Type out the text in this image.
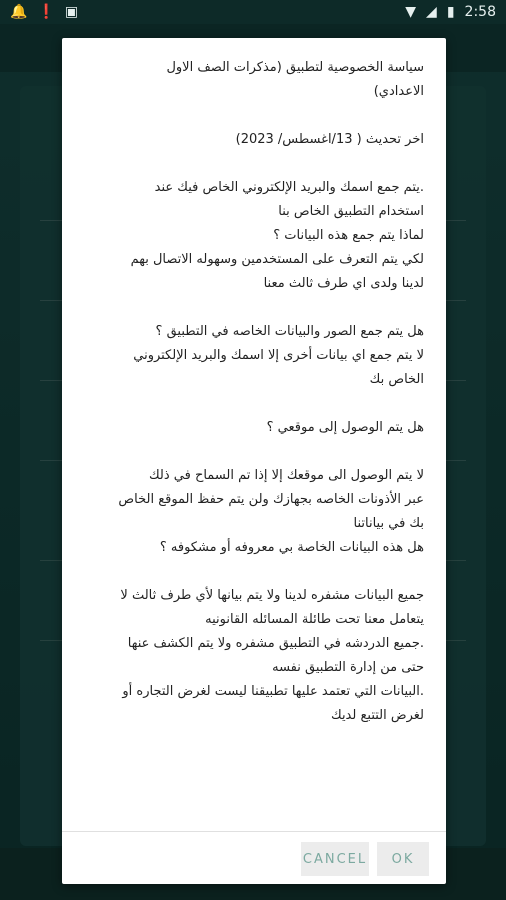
🔔 ❗ ▣	▼ ◢ ▮ 2:58

سياسة الخصوصية لتطبيق (مذكرات الصف الاول

الاعدادي)

اخر تحديث ( 13/اغسطس/ 2023)

.يتم جمع اسمك والبريد الإلكتروني الخاص فيك عند

استخدام التطبيق الخاص بنا

لماذا يتم جمع هذه البيانات ؟

لكي يتم التعرف على المستخدمين وسهوله الاتصال بهم

لدينا ولدى اي طرف ثالث معنا

هل يتم جمع الصور والبيانات الخاصه في التطبيق ؟

لا يتم جمع اي بيانات أخرى إلا اسمك والبريد الإلكتروني

الخاص بك

هل يتم الوصول إلى موقعي ؟

لا يتم الوصول الى موقعك إلا إذا تم السماح في ذلك

عبر الأذونات الخاصه بجهازك ولن يتم حفظ الموقع الخاص

بك في بياناتنا

هل هذه البيانات الخاصة بي معروفه أو مشكوفه ؟

جميع البيانات مشفره لدينا ولا يتم بيانها لأي طرف ثالث لا

يتعامل معنا تحت طائلة المسائله القانونيه

.جميع الدردشه في التطبيق مشفره ولا يتم الكشف عنها

حتى من إدارة التطبيق نفسه

.البيانات التي تعتمد عليها تطبيقنا ليست لغرض التجاره أو

لغرض التتبع لديك

CANCEL	OK
